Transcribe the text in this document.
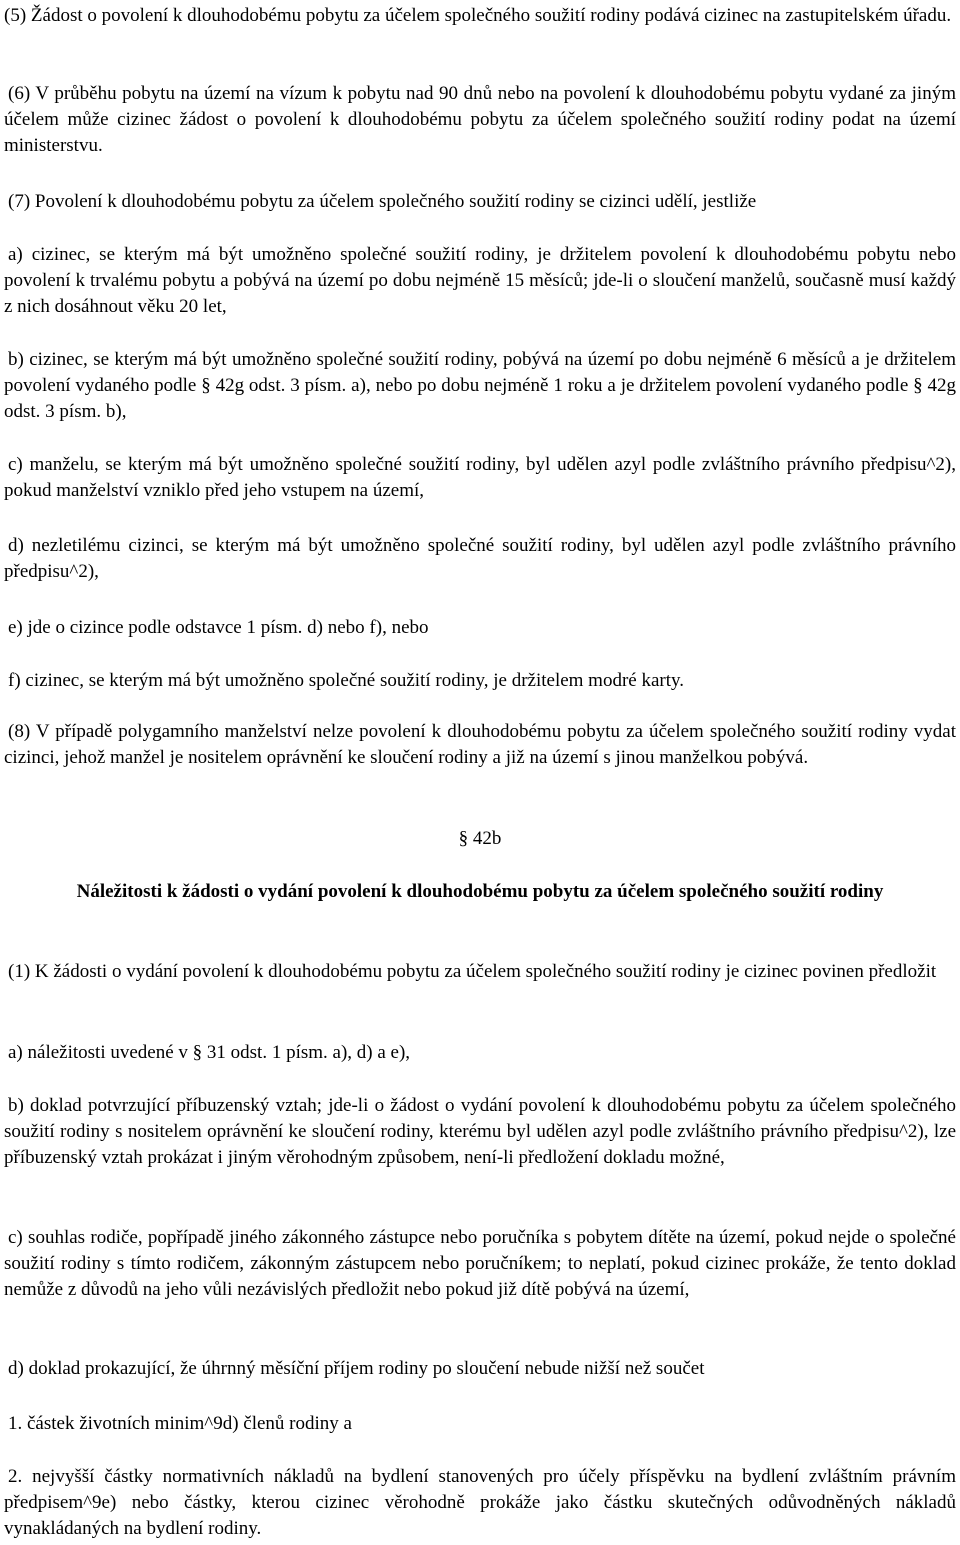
(5) Žádost o povolení k dlouhodobému pobytu za účelem společného soužití rodiny podává cizinec na zastupitelském úřadu.

(6) V průběhu pobytu na území na vízum k pobytu nad 90 dnů nebo na povolení k dlouhodobému pobytu vydané za jiným účelem může cizinec žádost o povolení k dlouhodobému pobytu za účelem společného soužití rodiny podat na území ministerstvu.

(7) Povolení k dlouhodobému pobytu za účelem společného soužití rodiny se cizinci udělí, jestliže

a) cizinec, se kterým má být umožněno společné soužití rodiny, je držitelem povolení k dlouhodobému pobytu nebo povolení k trvalému pobytu a pobývá na území po dobu nejméně 15 měsíců; jde-li o sloučení manželů, současně musí každý z nich dosáhnout věku 20 let,

b) cizinec, se kterým má být umožněno společné soužití rodiny, pobývá na území po dobu nejméně 6 měsíců a je držitelem povolení vydaného podle § 42g odst. 3 písm. a), nebo po dobu nejméně 1 roku a je držitelem povolení vydaného podle § 42g odst. 3 písm. b),

c) manželu, se kterým má být umožněno společné soužití rodiny, byl udělen azyl podle zvláštního právního předpisu^2), pokud manželství vzniklo před jeho vstupem na území,

d) nezletilému cizinci, se kterým má být umožněno společné soužití rodiny, byl udělen azyl podle zvláštního právního předpisu^2),

e) jde o cizince podle odstavce 1 písm. d) nebo f), nebo

f) cizinec, se kterým má být umožněno společné soužití rodiny, je držitelem modré karty.

(8) V případě polygamního manželství nelze povolení k dlouhodobému pobytu za účelem společného soužití rodiny vydat cizinci, jehož manžel je nositelem oprávnění ke sloučení rodiny a již na území s jinou manželkou pobývá.

§ 42b

Náležitosti k žádosti o vydání povolení k dlouhodobému pobytu za účelem společného soužití rodiny

(1) K žádosti o vydání povolení k dlouhodobému pobytu za účelem společného soužití rodiny je cizinec povinen předložit

a) náležitosti uvedené v § 31 odst. 1 písm. a), d) a e),

b) doklad potvrzující příbuzenský vztah; jde-li o žádost o vydání povolení k dlouhodobému pobytu za účelem společného soužití rodiny s nositelem oprávnění ke sloučení rodiny, kterému byl udělen azyl podle zvláštního právního předpisu^2), lze příbuzenský vztah prokázat i jiným věrohodným způsobem, není-li předložení dokladu možné,

c) souhlas rodiče, popřípadě jiného zákonného zástupce nebo poručníka s pobytem dítěte na území, pokud nejde o společné soužití rodiny s tímto rodičem, zákonným zástupcem nebo poručníkem; to neplatí, pokud cizinec prokáže, že tento doklad nemůže z důvodů na jeho vůli nezávislých předložit nebo pokud již dítě pobývá na území,

d) doklad prokazující, že úhrnný měsíční příjem rodiny po sloučení nebude nižší než součet

1. částek životních minim^9d) členů rodiny a

2. nejvyšší částky normativních nákladů na bydlení stanovených pro účely příspěvku na bydlení zvláštním právním předpisem^9e) nebo částky, kterou cizinec věrohodně prokáže jako částku skutečných odůvodněných nákladů vynakládaných na bydlení rodiny.
